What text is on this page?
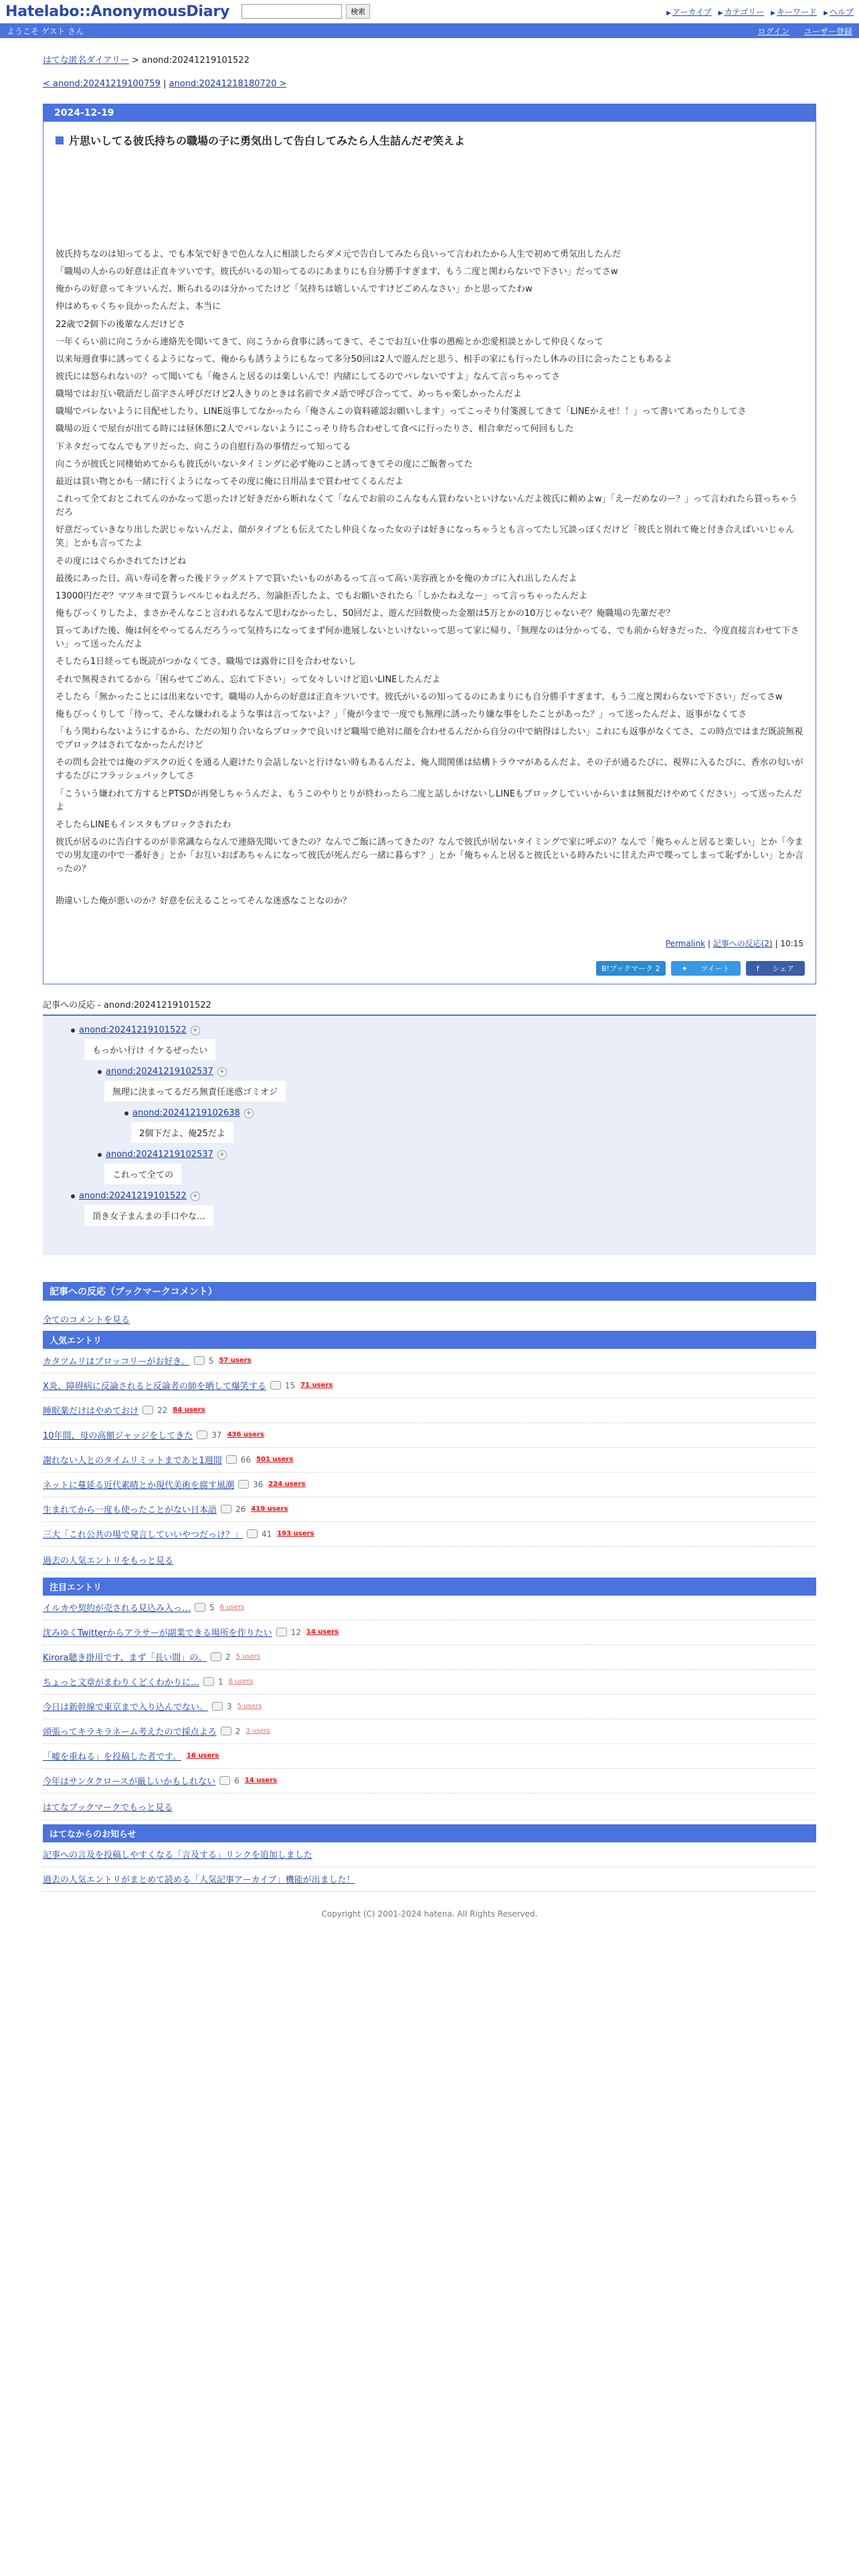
Hatelabo::AnonymousDiary	検索	▶ アーカイブ ▶ カテゴリー ▶ キーワード ▶ ヘルプ
ようこそ ゲスト さん	ログイン ユーザー登録
はてな匿名ダイアリー > anond:20241219101522
< anond:20241219100759 | anond:20241218180720 >
2024-12-19
片思いしてる彼氏持ちの職場の子に勇気出して告白してみたら人生詰んだぞ笑えよ

彼氏持ちなのは知ってるよ、でも本気で好きで色んな人に相談したらダメ元で告白してみたら良いって言われたから人生で初めて勇気出したんだ

「職場の人からの好意は正直キツいです。彼氏がいるの知ってるのにあまりにも自分勝手すぎます、もう二度と関わらないで下さい」だってさw

俺からの好意ってキツいんだ、断られるのは分かってたけど「気持ちは嬉しいんですけどごめんなさい」かと思ってたわw

仲はめちゃくちゃ良かったんだよ、本当に

22歳で2個下の後輩なんだけどさ

一年くらい前に向こうから連絡先を聞いてきて、向こうから食事に誘ってきて、そこでお互い仕事の愚痴とか恋愛相談とかして仲良くなって

以来毎週食事に誘ってくるようになって、俺からも誘うようにもなって多分50回は2人で遊んだと思う、相手の家にも行ったし休みの日に会ったこともあるよ

彼氏には怒られないの？って聞いても「俺さんと居るのは楽しいんで！内緒にしてるのでバレないですよ」なんて言っちゃってさ

職場ではお互い敬語だし苗字さん呼びだけど2人きりのときは名前でタメ語で呼び合ってて、めっちゃ楽しかったんだよ

職場でバレないように目配せしたり、LINE返事してなかったら「俺さんこの資料確認お願いします」ってこっそり付箋渡してきて「LINEかえせ！！」って書いてあったりしてさ

職場の近くで屋台が出てる時には昼休憩に2人でバレないようにこっそり待ち合わせして食べに行ったりさ、相合傘だって何回もした

下ネタだってなんでもアリだった、向こうの自慰行為の事情だって知ってる

向こうが彼氏と同棲始めてからも彼氏がいないタイミングに必ず俺のこと誘ってきてその度にご飯奢ってた

最近は買い物とかも一緒に行くようになってその度に俺に日用品まで買わせてくるんだよ

これって全ておとこれてんのかなって思ったけど好きだから断れなくて「なんでお前のこんなもん買わないといけないんだよ彼氏に頼めよw」「えーだめなのー？」って言われたら買っちゃうだろ

好意だっていきなり出した訳じゃないんだよ、顔がタイプとも伝えてたし仲良くなった女の子は好きになっちゃうとも言ってたし冗談っぽくだけど「彼氏と別れて俺と付き合えばいいじゃん笑」とかも言ってたよ

その度にはぐらかされてたけどね

最後にあった日、高い寿司を奢った後ドラッグストアで買いたいものがあるって言って高い美容液とかを俺のカゴに入れ出したんだよ

13000円だぞ？マツキヨで買うレベルじゃねえだろ、勿論拒否したよ、でもお願いされたら「しかたねえなー」って言っちゃったんだよ

俺もびっくりしたよ、まさかそんなこと言われるなんて思わなかったし、50回だよ、遊んだ回数使った金額は5万とかの10万じゃないぞ？俺職場の先輩だぞ？

買ってあげた後、俺は何をやってるんだろうって気持ちになってまず何か進展しないといけないって思って家に帰り、「無理なのは分かってる、でも前から好きだった、今度直接言わせて下さい」って送ったんだよ

そしたら1日経っても既読がつかなくてさ、職場では露骨に目を合わせないし

それで無視されてるから「困らせてごめん、忘れて下さい」って女々しいけど追いLINEしたんだよ

そしたら「無かったことには出来ないです。職場の人からの好意は正直キツいです。彼氏がいるの知ってるのにあまりにも自分勝手すぎます、もう二度と関わらないで下さい」だってさw

俺もびっくりして「待って、そんな嫌われるような事は言ってないよ？」「俺が今まで一度でも無理に誘ったり嫌な事をしたことがあった？」って送ったんだよ、返事がなくてさ

「もう関わらないようにするから、ただの知り合いならブロックで良いけど職場で絶対に顔を合わせるんだから自分の中で納得はしたい」これにも返事がなくてさ、この時点ではまだ既読無視でブロックはされてなかったんだけど

その問も会社では俺のデスクの近くを通る人避けたり会話しないと行けない時もあるんだよ、俺人間関係は結構トラウマがあるんだよ、その子が通るたびに、視界に入るたびに、香水の匂いがするたびにフラッシュバックしてさ

「こういう嫌われて方するとPTSDが再発しちゃうんだよ、もうこのやりとりが終わったら二度と話しかけないしLINEもブロックしていいからいまは無視だけやめてください」って送ったんだよ

そしたらLINEもインスタもブロックされたわ

彼氏が居るのに告白するのが非常識ならなんで連絡先聞いてきたの？なんでご飯に誘ってきたの？なんで彼氏が居ないタイミングで家に呼ぶの？なんで「俺ちゃんと居ると楽しい」とか「今までの男友達の中で一番好き」とか「お互いおばあちゃんになって彼氏が死んだら一緒に暮らす？」とか「俺ちゃんと居ると彼氏といる時みたいに甘えた声で喋ってしまって恥ずかしい」とか言ったの？

勘違いした俺が悪いのか？好意を伝えることってそんな迷惑なことなのか？

Permalink | 記事への反応(2) | 10:15
B!ブックマーク 2	✦ ツイート	f シェア
記事への反応 - anond:20241219101522
anond:20241219101522 +
もっかい行け イケるぜったい
anond:20241219102537 +
無理に決まってるだろ無責任迷惑ゴミオジ
anond:20241219102638 +
2個下だよ、俺25だよ
anond:20241219102537 +
これって全ての
anond:20241219101522 +
頂き女子まんまの手口やな…
記事への反応（ブックマークコメント）
全てのコメントを見る
人気エントリ
カタツムリはブロッコリーがお好き。 5 57 users
X炎、障碍病に反論されると反論者の師を晒して爆笑する 15 71 users
睡眠薬だけはやめておけ 22 84 users
10年間、母の高額ジャッジをしてきた 37 436 users
謝れない人とのタイムリミットまであと1週間 66 501 users
ネットに蔓延る近代素晴とか現代美術を腐す風潮 36 224 users
生まれてから一度も使ったことがない日本語 26 419 users
三大「これ公共の場で発言していいやつだっけ？」 41 193 users
過去の人気エントリをもっと見る
注目エントリ
イルカや契約が売される見込み入っ… 5 6 users
沈みゆくTwitterからアラサーが副業できる場所を作りたい 12 14 users
Kirora聴き掛用です、まず「長い間」の。 2 5 users
ちょっと文章がまわりくどくわかりに… 1 6 users
今日は新幹線で東京まで入り込んでない。 3 5 users
頭張ってキラキラネーム考えたので採点よろ 2 3 users
「嘘を重ねる」を投稿した者です。 16 users
今年はサンタクロースが厳しいかもしれない 6 14 users
はてなブックマークでもっと見る
はてなからのお知らせ
記事への言及を投稿しやすくなる「言及する」リンクを追加しました
過去の人気エントリがまとめて読める「人気記事アーカイブ」機能が出ました！
Copyright (C) 2001-2024 hatena. All Rights Reserved.
